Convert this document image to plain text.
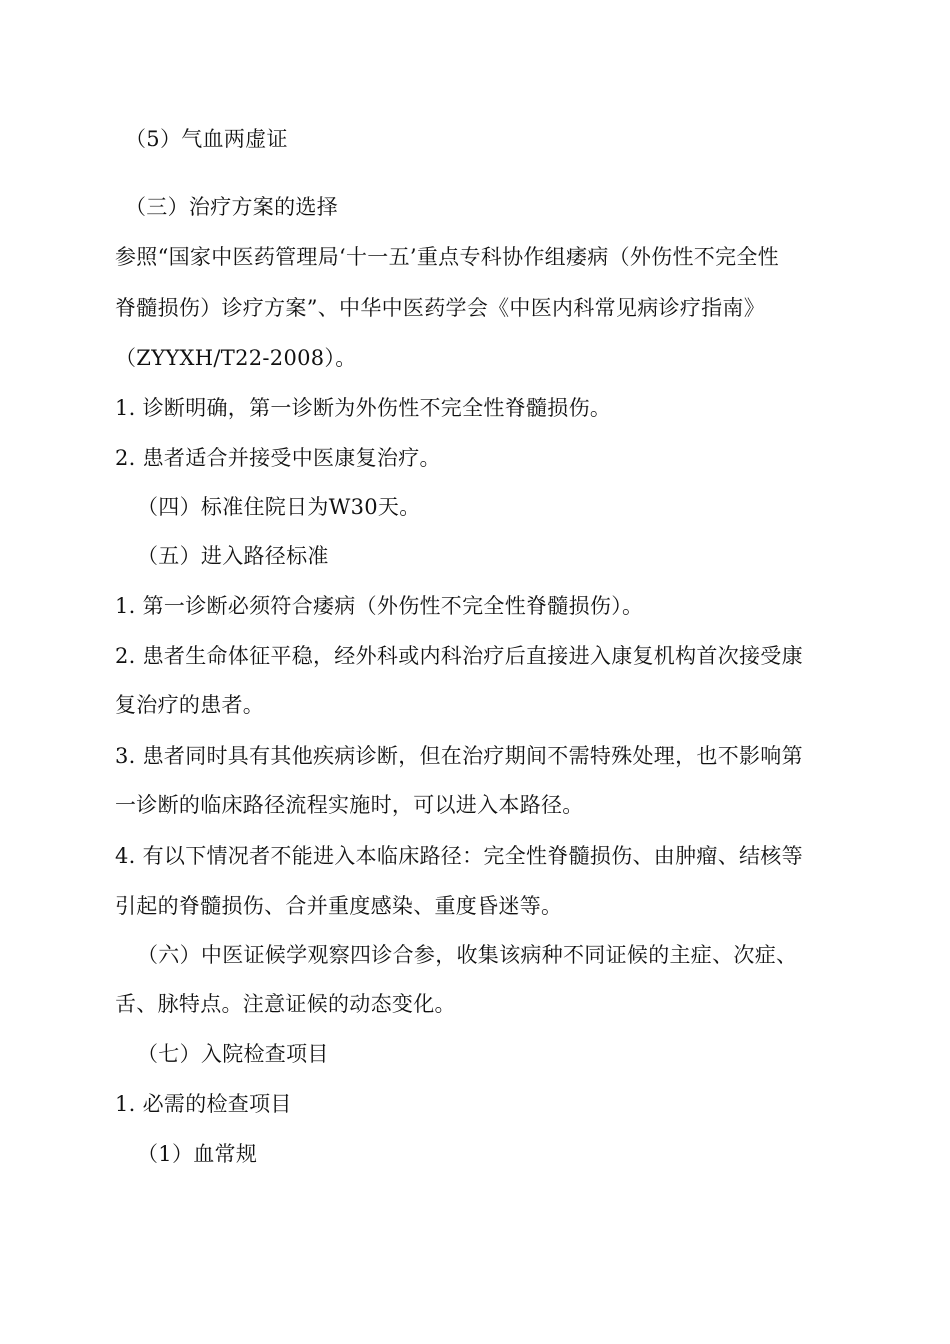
（5）气血两虚证
（三）治疗方案的选择
参照“国家中医药管理局‘十一五’重点专科协作组痿病（外伤性不完全性
脊髓损伤）诊疗方案”、中华中医药学会《中医内科常见病诊疗指南》
（ZYYXH/T22-2008）。
1. 诊断明确，第一诊断为外伤性不完全性脊髓损伤。
2. 患者适合并接受中医康复治疗。
（四）标准住院日为W30天。
（五）进入路径标准
1. 第一诊断必须符合痿病（外伤性不完全性脊髓损伤）。
2. 患者生命体征平稳，经外科或内科治疗后直接进入康复机构首次接受康
复治疗的患者。
3. 患者同时具有其他疾病诊断，但在治疗期间不需特殊处理，也不影响第
一诊断的临床路径流程实施时，可以进入本路径。
4. 有以下情况者不能进入本临床路径：完全性脊髓损伤、由肿瘤、结核等
引起的脊髓损伤、合并重度感染、重度昏迷等。
（六）中医证候学观察四诊合参，收集该病种不同证候的主症、次症、
舌、脉特点。注意证候的动态变化。
（七）入院检查项目
1. 必需的检查项目
（1）血常规
